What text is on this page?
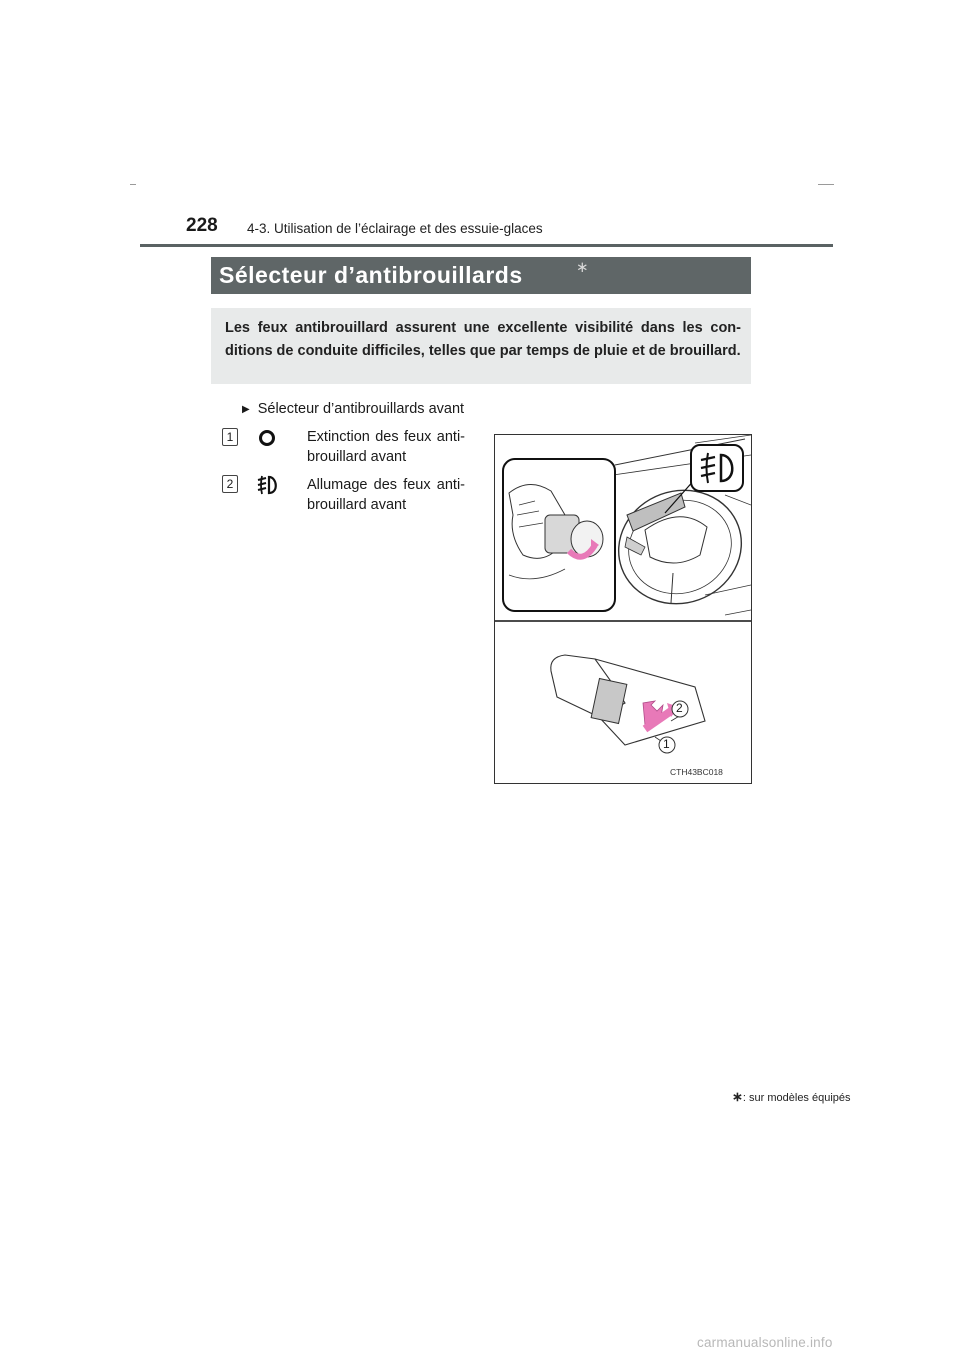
228 4-3. Utilisation de l’éclairage et des essuie-glaces
Sélecteur d’antibrouillards	∗
Les feux antibrouillard assurent une excellente visibilité dans les con-ditions de conduite difficiles, telles que par temps de pluie et de brouillard.
▶ Sélecteur d’antibrouillards avant
1	Extinction des feux anti-brouillard avant
2	Allumage des feux anti-brouillard avant
2
1
CTH43BC018
∗: sur modèles équipés
carmanualsonline.info
